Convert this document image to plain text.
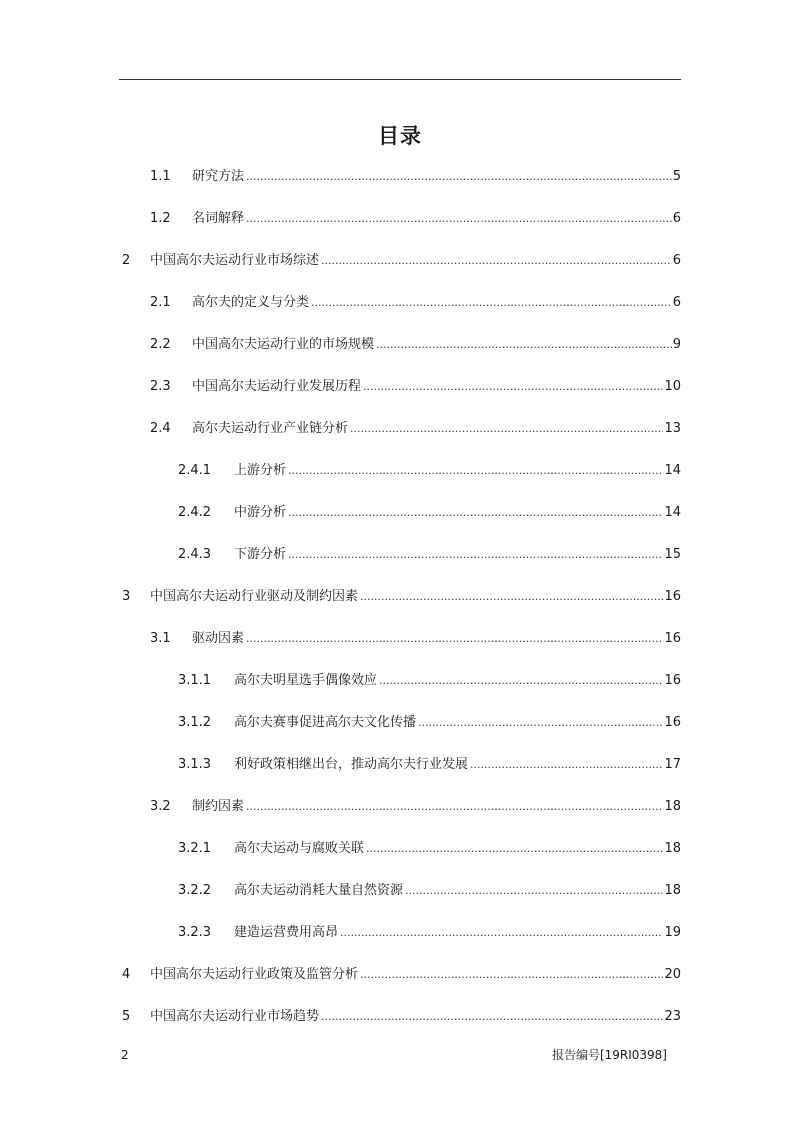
目录
1.1 研究方法 .....	5
1.2 名词解释 .....	6
2 中国高尔夫运动行业市场综述 .....	6
2.1 高尔夫的定义与分类 .....	6
2.2 中国高尔夫运动行业的市场规模 .....	9
2.3 中国高尔夫运动行业发展历程 .....	10
2.4 高尔夫运动行业产业链分析 .....	13
2.4.1 上游分析 .....	14
2.4.2 中游分析 .....	14
2.4.3 下游分析 .....	15
3 中国高尔夫运动行业驱动及制约因素 .....	16
3.1 驱动因素 .....	16
3.1.1 高尔夫明星选手偶像效应 .....	16
3.1.2 高尔夫赛事促进高尔夫文化传播 .....	16
3.1.3 利好政策相继出台，推动高尔夫行业发展 .....	17
3.2 制约因素 .....	18
3.2.1 高尔夫运动与腐败关联 .....	18
3.2.2 高尔夫运动消耗大量自然资源 .....	18
3.2.3 建造运营费用高昂 .....	19
4 中国高尔夫运动行业政策及监管分析 .....	20
5 中国高尔夫运动行业市场趋势 .....	23
2	报告编号[19RI0398]
